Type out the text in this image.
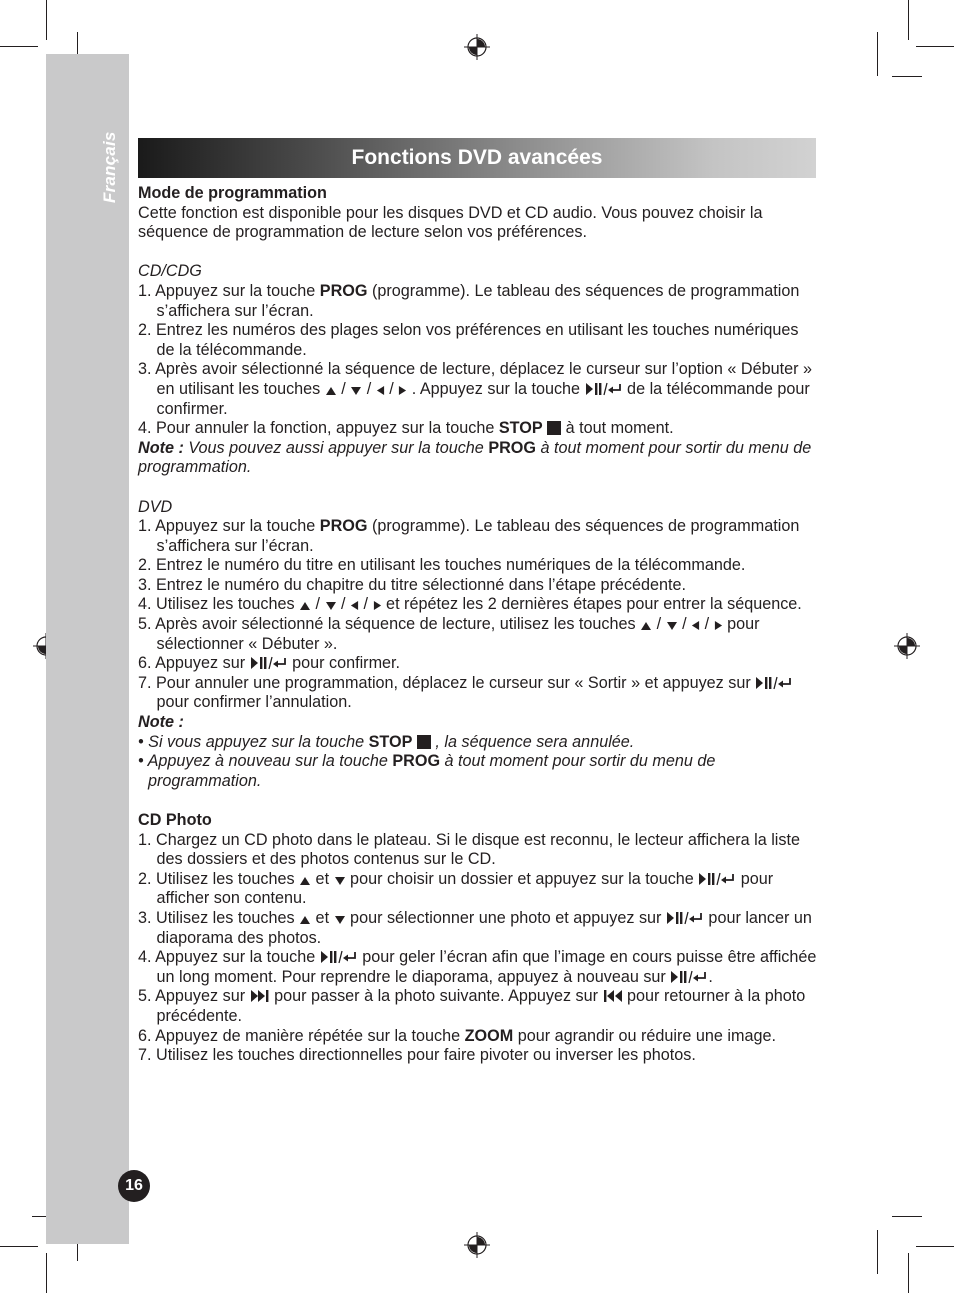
Français
16
Fonctions DVD avancées

Mode de programmation

Cette fonction est disponible pour les disques DVD et CD audio. Vous pouvez choisir la séquence de programmation de lecture selon vos préférences.

CD/CDG

1. Appuyez sur la touche PROG (programme). Le tableau des séquences de programmation s’affichera sur l’écran.

2. Entrez les numéros des plages selon vos préférences en utilisant les touches numériques de la télécommande.

3. Après avoir sélectionné la séquence de lecture, déplacez le curseur sur l’option « Débuter » en utilisant les touches  /  /  /  . Appuyez sur la touche	de la télécommande pour confirmer.

4. Pour annuler la fonction, appuyez sur la touche STOP  à tout moment.

Note : Vous pouvez aussi appuyer sur la touche PROG à tout moment pour sortir du menu de programmation.

DVD

1. Appuyez sur la touche PROG (programme). Le tableau des séquences de programmation s’affichera sur l’écran.

2. Entrez le numéro du titre en utilisant les touches numériques de la télécommande.

3. Entrez le numéro du chapitre du titre sélectionné dans l’étape précédente.

4. Utilisez les touches  /  /  /  et répétez les 2 dernières étapes pour entrer la séquence.

5. Après avoir sélectionné la séquence de lecture, utilisez les touches  /  /  /  pour sélectionner « Débuter ».

6. Appuyez sur  pour confirmer.

7. Pour annuler une programmation, déplacez le curseur sur « Sortir » et appuyez sur  pour confirmer l’annulation.

Note :

• Si vous appuyez sur la touche STOP  , la séquence sera annulée.

• Appuyez à nouveau sur la touche PROG à tout moment pour sortir du menu de programmation.

CD Photo

1. Chargez un CD photo dans le plateau. Si le disque est reconnu, le lecteur affichera la liste des dossiers et des photos contenus sur le CD.

2. Utilisez les touches  et  pour choisir un dossier et appuyez sur la touche	pour afficher son contenu.

3. Utilisez les touches  et  pour sélectionner une photo et appuyez sur	pour lancer un diaporama des photos.

4. Appuyez sur la touche  pour geler l’écran afin que l’image en cours puisse être affichée un long moment. Pour reprendre le diaporama, appuyez à nouveau sur	.

5. Appuyez sur  pour passer à la photo suivante. Appuyez sur  pour retourner à la photo précédente.

6. Appuyez de manière répétée sur la touche ZOOM pour agrandir ou réduire une image.

7. Utilisez les touches directionnelles pour faire pivoter ou inverser les photos.
